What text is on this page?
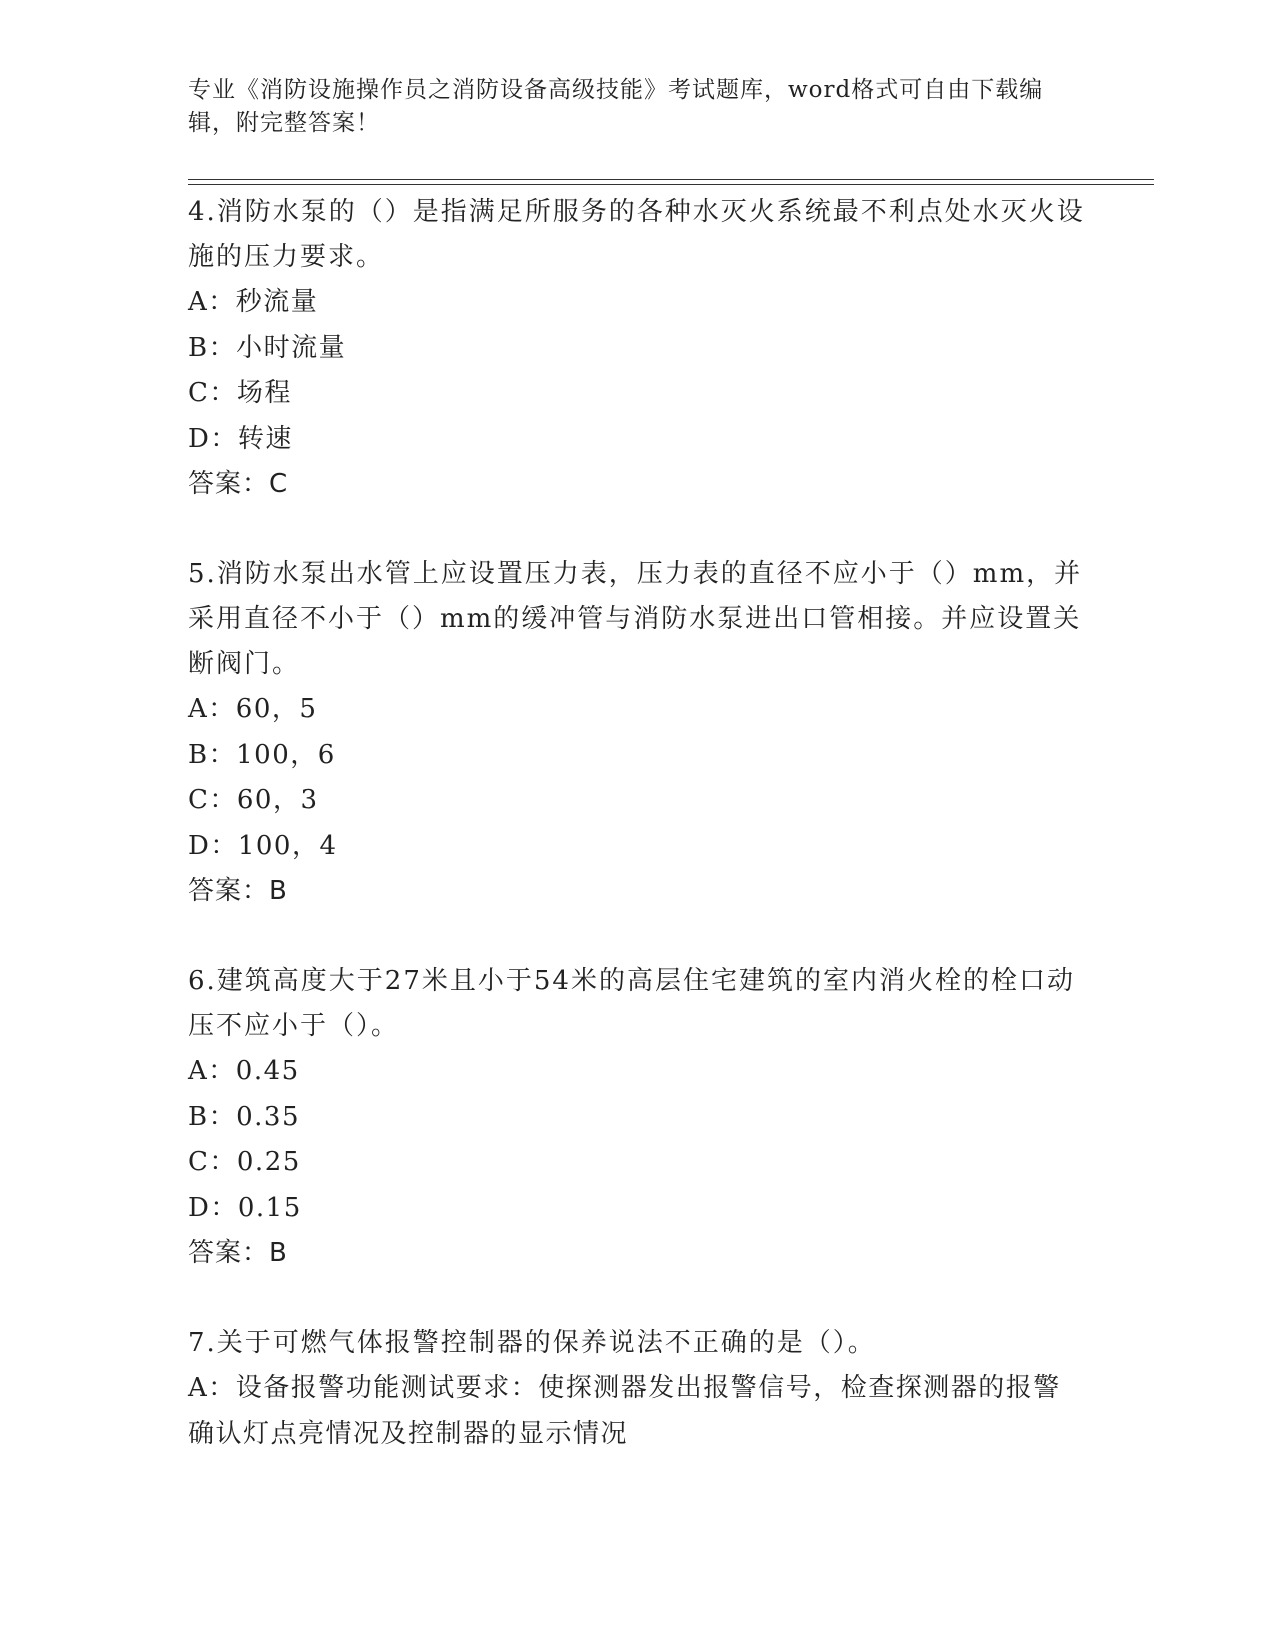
专业《消防设施操作员之消防设备高级技能》考试题库，word格式可自由下载编辑，附完整答案！

4.消防水泵的（）是指满足所服务的各种水灭火系统最不利点处水灭火设施的压力要求。

A：秒流量

B：小时流量

C：场程

D：转速

答案：C

5.消防水泵出水管上应设置压力表，压力表的直径不应小于（）mm，并采用直径不小于（）mm的缓冲管与消防水泵进出口管相接。并应设置关断阀门。

A：60，5

B：100，6

C：60，3

D：100，4

答案：B

6.建筑高度大于27米且小于54米的高层住宅建筑的室内消火栓的栓口动压不应小于（）。

A：0.45

B：0.35

C：0.25

D：0.15

答案：B

7.关于可燃气体报警控制器的保养说法不正确的是（）。

A：设备报警功能测试要求：使探测器发出报警信号，检查探测器的报警确认灯点亮情况及控制器的显示情况
